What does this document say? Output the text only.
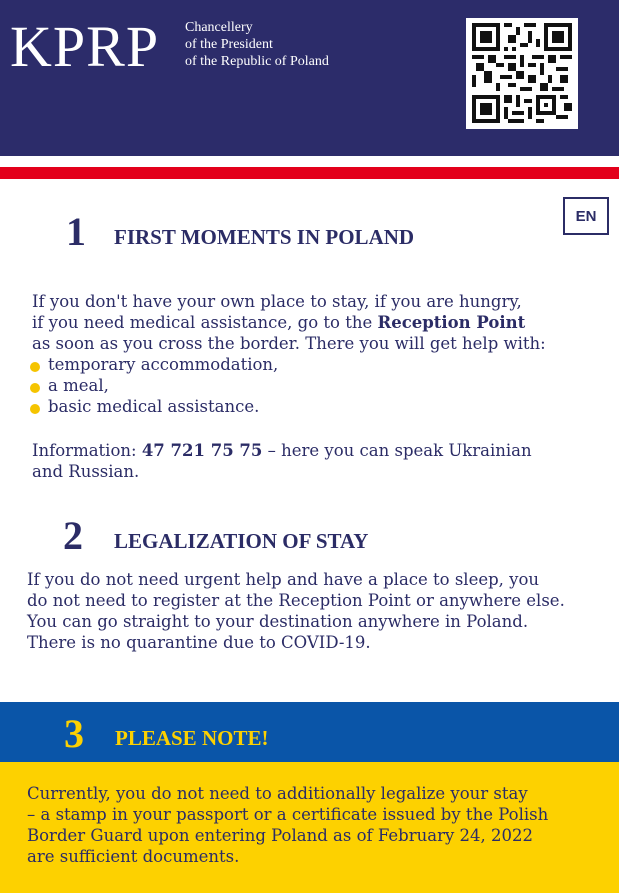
KPRP Chancellery
of the President
of the Republic of Poland
EN
1 FIRST MOMENTS IN POLAND
If you don't have your own place to stay, if you are hungry,
if you need medical assistance, go to the Reception Point
as soon as you cross the border. There you will get help with:
temporary accommodation,
a meal,
basic medical assistance.
Information: 47 721 75 75 – here you can speak Ukrainian
and Russian.
2 LEGALIZATION OF STAY
If you do not need urgent help and have a place to sleep, you
do not need to register at the Reception Point or anywhere else.
You can go straight to your destination anywhere in Poland.
There is no quarantine due to COVID-19.
3 PLEASE NOTE!
Currently, you do not need to additionally legalize your stay
– a stamp in your passport or a certificate issued by the Polish
Border Guard upon entering Poland as of February 24, 2022
are sufficient documents.
